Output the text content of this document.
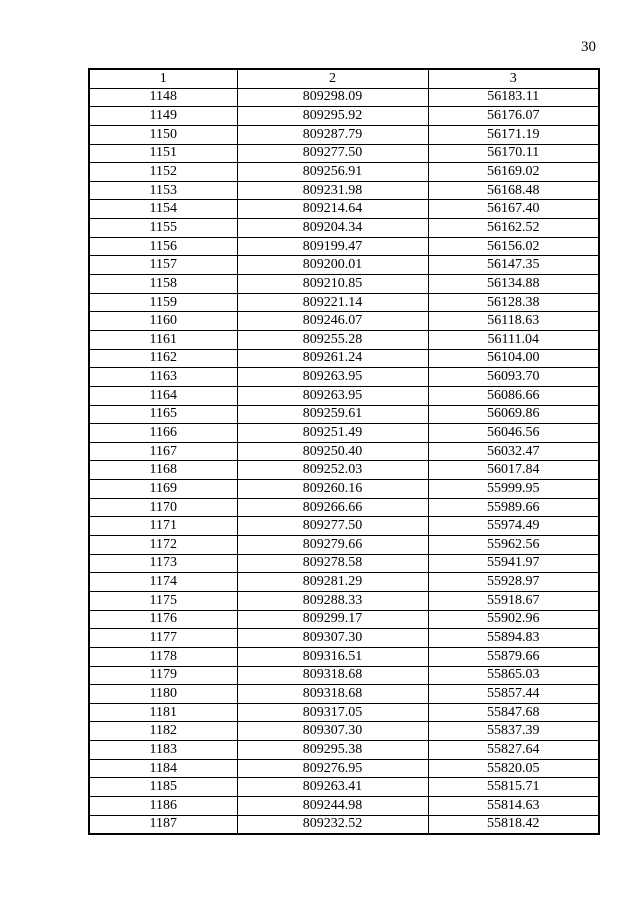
30
1	2	3
1148	809298.09	56183.11
1149	809295.92	56176.07
1150	809287.79	56171.19
1151	809277.50	56170.11
1152	809256.91	56169.02
1153	809231.98	56168.48
1154	809214.64	56167.40
1155	809204.34	56162.52
1156	809199.47	56156.02
1157	809200.01	56147.35
1158	809210.85	56134.88
1159	809221.14	56128.38
1160	809246.07	56118.63
1161	809255.28	56111.04
1162	809261.24	56104.00
1163	809263.95	56093.70
1164	809263.95	56086.66
1165	809259.61	56069.86
1166	809251.49	56046.56
1167	809250.40	56032.47
1168	809252.03	56017.84
1169	809260.16	55999.95
1170	809266.66	55989.66
1171	809277.50	55974.49
1172	809279.66	55962.56
1173	809278.58	55941.97
1174	809281.29	55928.97
1175	809288.33	55918.67
1176	809299.17	55902.96
1177	809307.30	55894.83
1178	809316.51	55879.66
1179	809318.68	55865.03
1180	809318.68	55857.44
1181	809317.05	55847.68
1182	809307.30	55837.39
1183	809295.38	55827.64
1184	809276.95	55820.05
1185	809263.41	55815.71
1186	809244.98	55814.63
1187	809232.52	55818.42
